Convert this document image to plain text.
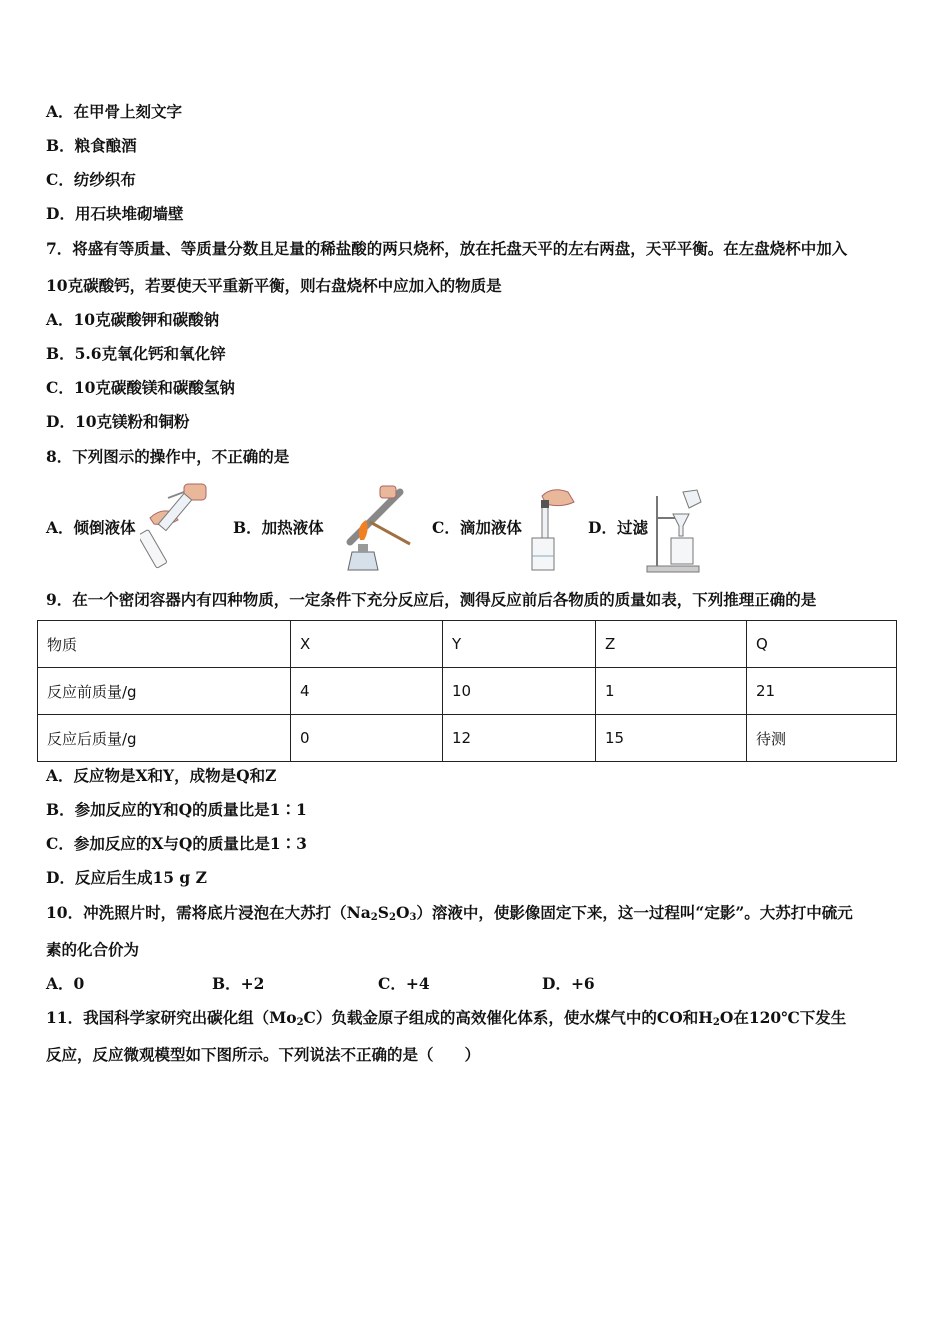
A．在甲骨上刻文字
B．粮食酿酒
C．纺纱织布
D．用石块堆砌墙壁
7．将盛有等质量、等质量分数且足量的稀盐酸的两只烧杯，放在托盘天平的左右两盘，天平平衡。在左盘烧杯中加入
10克碳酸钙，若要使天平重新平衡，则右盘烧杯中应加入的物质是
A．10克碳酸钾和碳酸钠
B．5.6克氧化钙和氧化锌
C．10克碳酸镁和碳酸氢钠
D．10克镁粉和铜粉
8．下列图示的操作中，不正确的是
A．倾倒液体	B．加热液体	C．滴加液体	D．过滤
9．在一个密闭容器内有四种物质，一定条件下充分反应后，测得反应前后各物质的质量如表，下列推理正确的是
物质	X	Y	Z	Q
反应前质量/g	4	10	1	21
反应后质量/g	0	12	15	待测
A．反应物是X和Y，成物是Q和Z
B．参加反应的Y和Q的质量比是1∶1
C．参加反应的X与Q的质量比是1∶3
D．反应后生成15 g Z
10．冲洗照片时，需将底片浸泡在大苏打$(Na_2S_2O_3)$溶液中，使影像固定下来，这一过程叫“定影”。大苏打中硫元
素的化合价为
A．0	B．+2	C．+4	D．+6
11．我国科学家研究出碳化组$(Mo_2C)$负载金原子组成的高效催化体系，使水煤气中的CO和$H_2O$在120℃下发生
反应，反应微观模型如下图所示。下列说法不正确的是（　　）
